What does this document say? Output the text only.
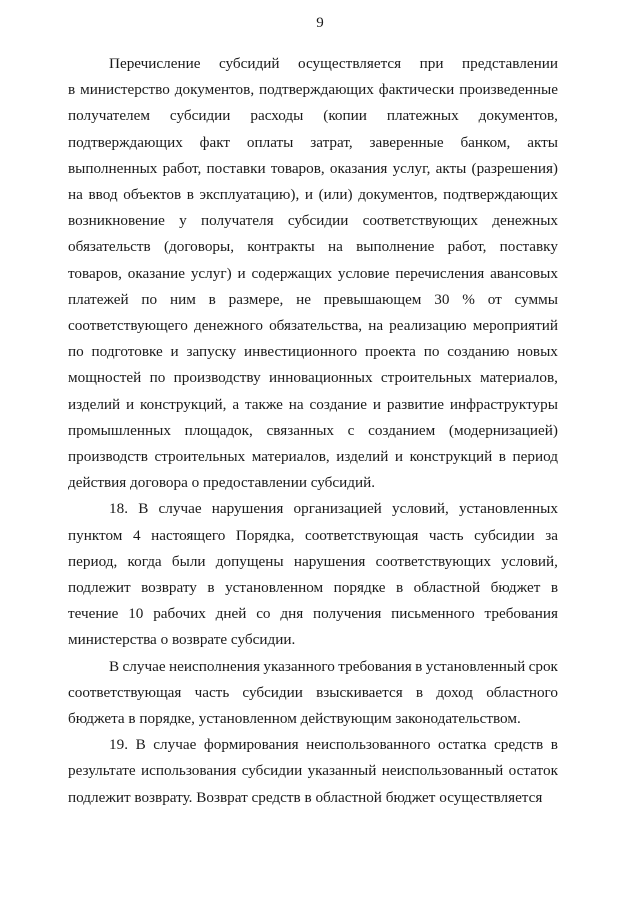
9
Перечисление субсидий осуществляется при представлении
в министерство документов, подтверждающих фактически произведенные
получателем субсидии расходы (копии платежных документов,
подтверждающих факт оплаты затрат, заверенные банком, акты
выполненных работ, поставки товаров, оказания услуг, акты (разрешения)
на ввод объектов в эксплуатацию), и (или) документов, подтверждающих
возникновение у получателя субсидии соответствующих денежных
обязательств (договоры, контракты на выполнение работ, поставку
товаров, оказание услуг) и содержащих условие перечисления авансовых
платежей по ним в размере, не превышающем 30 % от суммы
соответствующего денежного обязательства, на реализацию мероприятий
по подготовке и запуску инвестиционного проекта по созданию новых
мощностей по производству инновационных строительных материалов,
изделий и конструкций, а также на создание и развитие инфраструктуры
промышленных площадок, связанных с созданием (модернизацией)
производств строительных материалов, изделий и конструкций в период
действия договора о предоставлении субсидий.
18. В случае нарушения организацией условий, установленных
пунктом 4 настоящего Порядка, соответствующая часть субсидии за
период, когда были допущены нарушения соответствующих условий,
подлежит возврату в установленном порядке в областной бюджет в
течение 10 рабочих дней со дня получения письменного требования
министерства о возврате субсидии.
В случае неисполнения указанного требования в установленный срок
соответствующая часть субсидии взыскивается в доход областного
бюджета в порядке, установленном действующим законодательством.
19. В случае формирования неиспользованного остатка средств в
результате использования субсидии указанный неиспользованный остаток
подлежит возврату. Возврат средств в областной бюджет осуществляется
